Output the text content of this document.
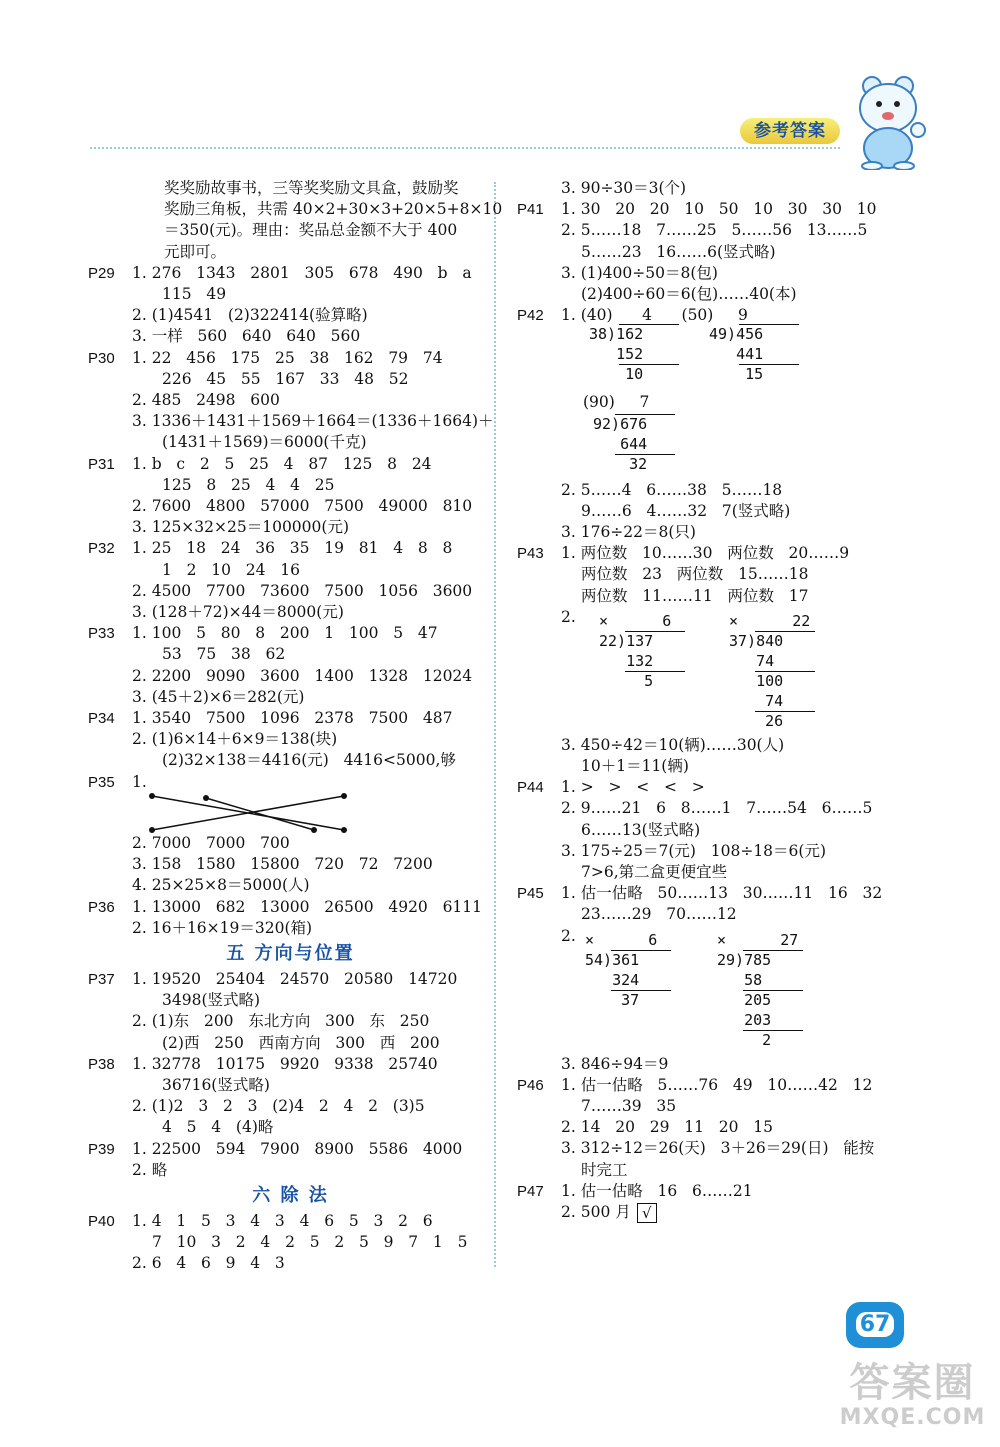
参考答案
奖奖励故事书，三等奖奖励文具盒，鼓励奖
奖励三角板，共需 40×2+30×3+20×5+8×10
＝350(元)。理由：奖品总金额不大于 400
元即可。
P29 1. 276   1343   2801   305   678   490   b   a
115   49
2. (1)4541   (2)322414(验算略)
3. 一样   560   640   640   560
P30 1. 22   456   175   25   38   162   79   74
226   45   55   167   33   48   52
2. 485   2498   600
3. 1336＋1431＋1569＋1664＝(1336＋1664)＋
(1431＋1569)＝6000(千克)
P31 1. b   c   2   5   25   4   87   125   8   24
125   8   25   4   4   25
2. 7600   4800   57000   7500   49000   810
3. 125×32×25＝100000(元)
P32 1. 25   18   24   36   35   19   81   4   8   8
1   2   10   24   16
2. 4500   7700   73600   7500   1056   3600
3. (128＋72)×44＝8000(元)
P33 1. 100   5   80   8   200   1   100   5   47
53   75   38   62
2. 2200   9090   3600   1400   1328   12024
3. (45＋2)×6＝282(元)
P34 1. 3540   7500   1096   2378   7500   487
2. (1)6×14＋6×9＝138(块)
(2)32×138＝4416(元)   4416<5000,够
P35 1.
2. 7000   7000   700
3. 158   1580   15800   720   72   7200
4. 25×25×8＝5000(人)
P36 1. 13000   682   13000   26500   4920   6111
2. 16＋16×19＝320(箱)
五 方向与位置
P37 1. 19520   25404   24570   20580   14720
3498(竖式略)
2. (1)东   200   东北方向   300   东   250
(2)西   250   西南方向   300   西   200
P38 1. 32778   10175   9920   9338   25740
36716(竖式略)
2. (1)2   3   2   3   (2)4   2   4   2   (3)5
4   5   4   (4)略
P39 1. 22500   594   7900   8900   5586   4000
2. 略
六 除 法
P40 1. 4   1   5   3   4   3   4   6   5   3   2   6
7   10   3   2   4   2   5   2   5   9   7   1   5
2. 6   4   6   9   4   3
3. 90÷30＝3(个)
P41 1. 30   20   20   10   50   10   30   30   10
2. 5……18   7……25   5……56   13……5
5……23   16……6(竖式略)
3. (1)400÷50＝8(包)
(2)400÷60＝6(包)……40(本)
P42 1. (40)      4      (50)     9
38)162
152
10
49)456
441
15
(90)     7
92)676
644
32
2. 5……4   6……38   5……18
9……6   4……32   7(竖式略)
3. 176÷22＝8(只)
P43 1. 两位数   10……30   两位数   20……9
两位数   23   两位数   15……18
两位数   11……11   两位数   17
2. ×      6
22)137
132
5
×      22
37)840
74
100
74
26
3. 450÷42＝10(辆)……30(人)
10＋1＝11(辆)
P44 1. >   >   <   <   >
2. 9……21   6   8……1   7……54   6……5
6……13(竖式略)
3. 175÷25＝7(元)   108÷18＝6(元)
7>6,第二盒更便宜些
P45 1. 估一估略   50……13   30……11   16   32
23……29   70……12
2. ×      6
54)361
324
37
×      27
29)785
58
205
203
2
3. 846÷94＝9
P46 1. 估一估略   5……76   49   10……42   12
7……39   35
2. 14   20   29   11   20   15
3. 312÷12＝26(天)   3＋26＝29(日)   能按
时完工
P47 1. 估一估略   16   6……21
2. 500 月 √
67
答案圈
MXQE.COM
